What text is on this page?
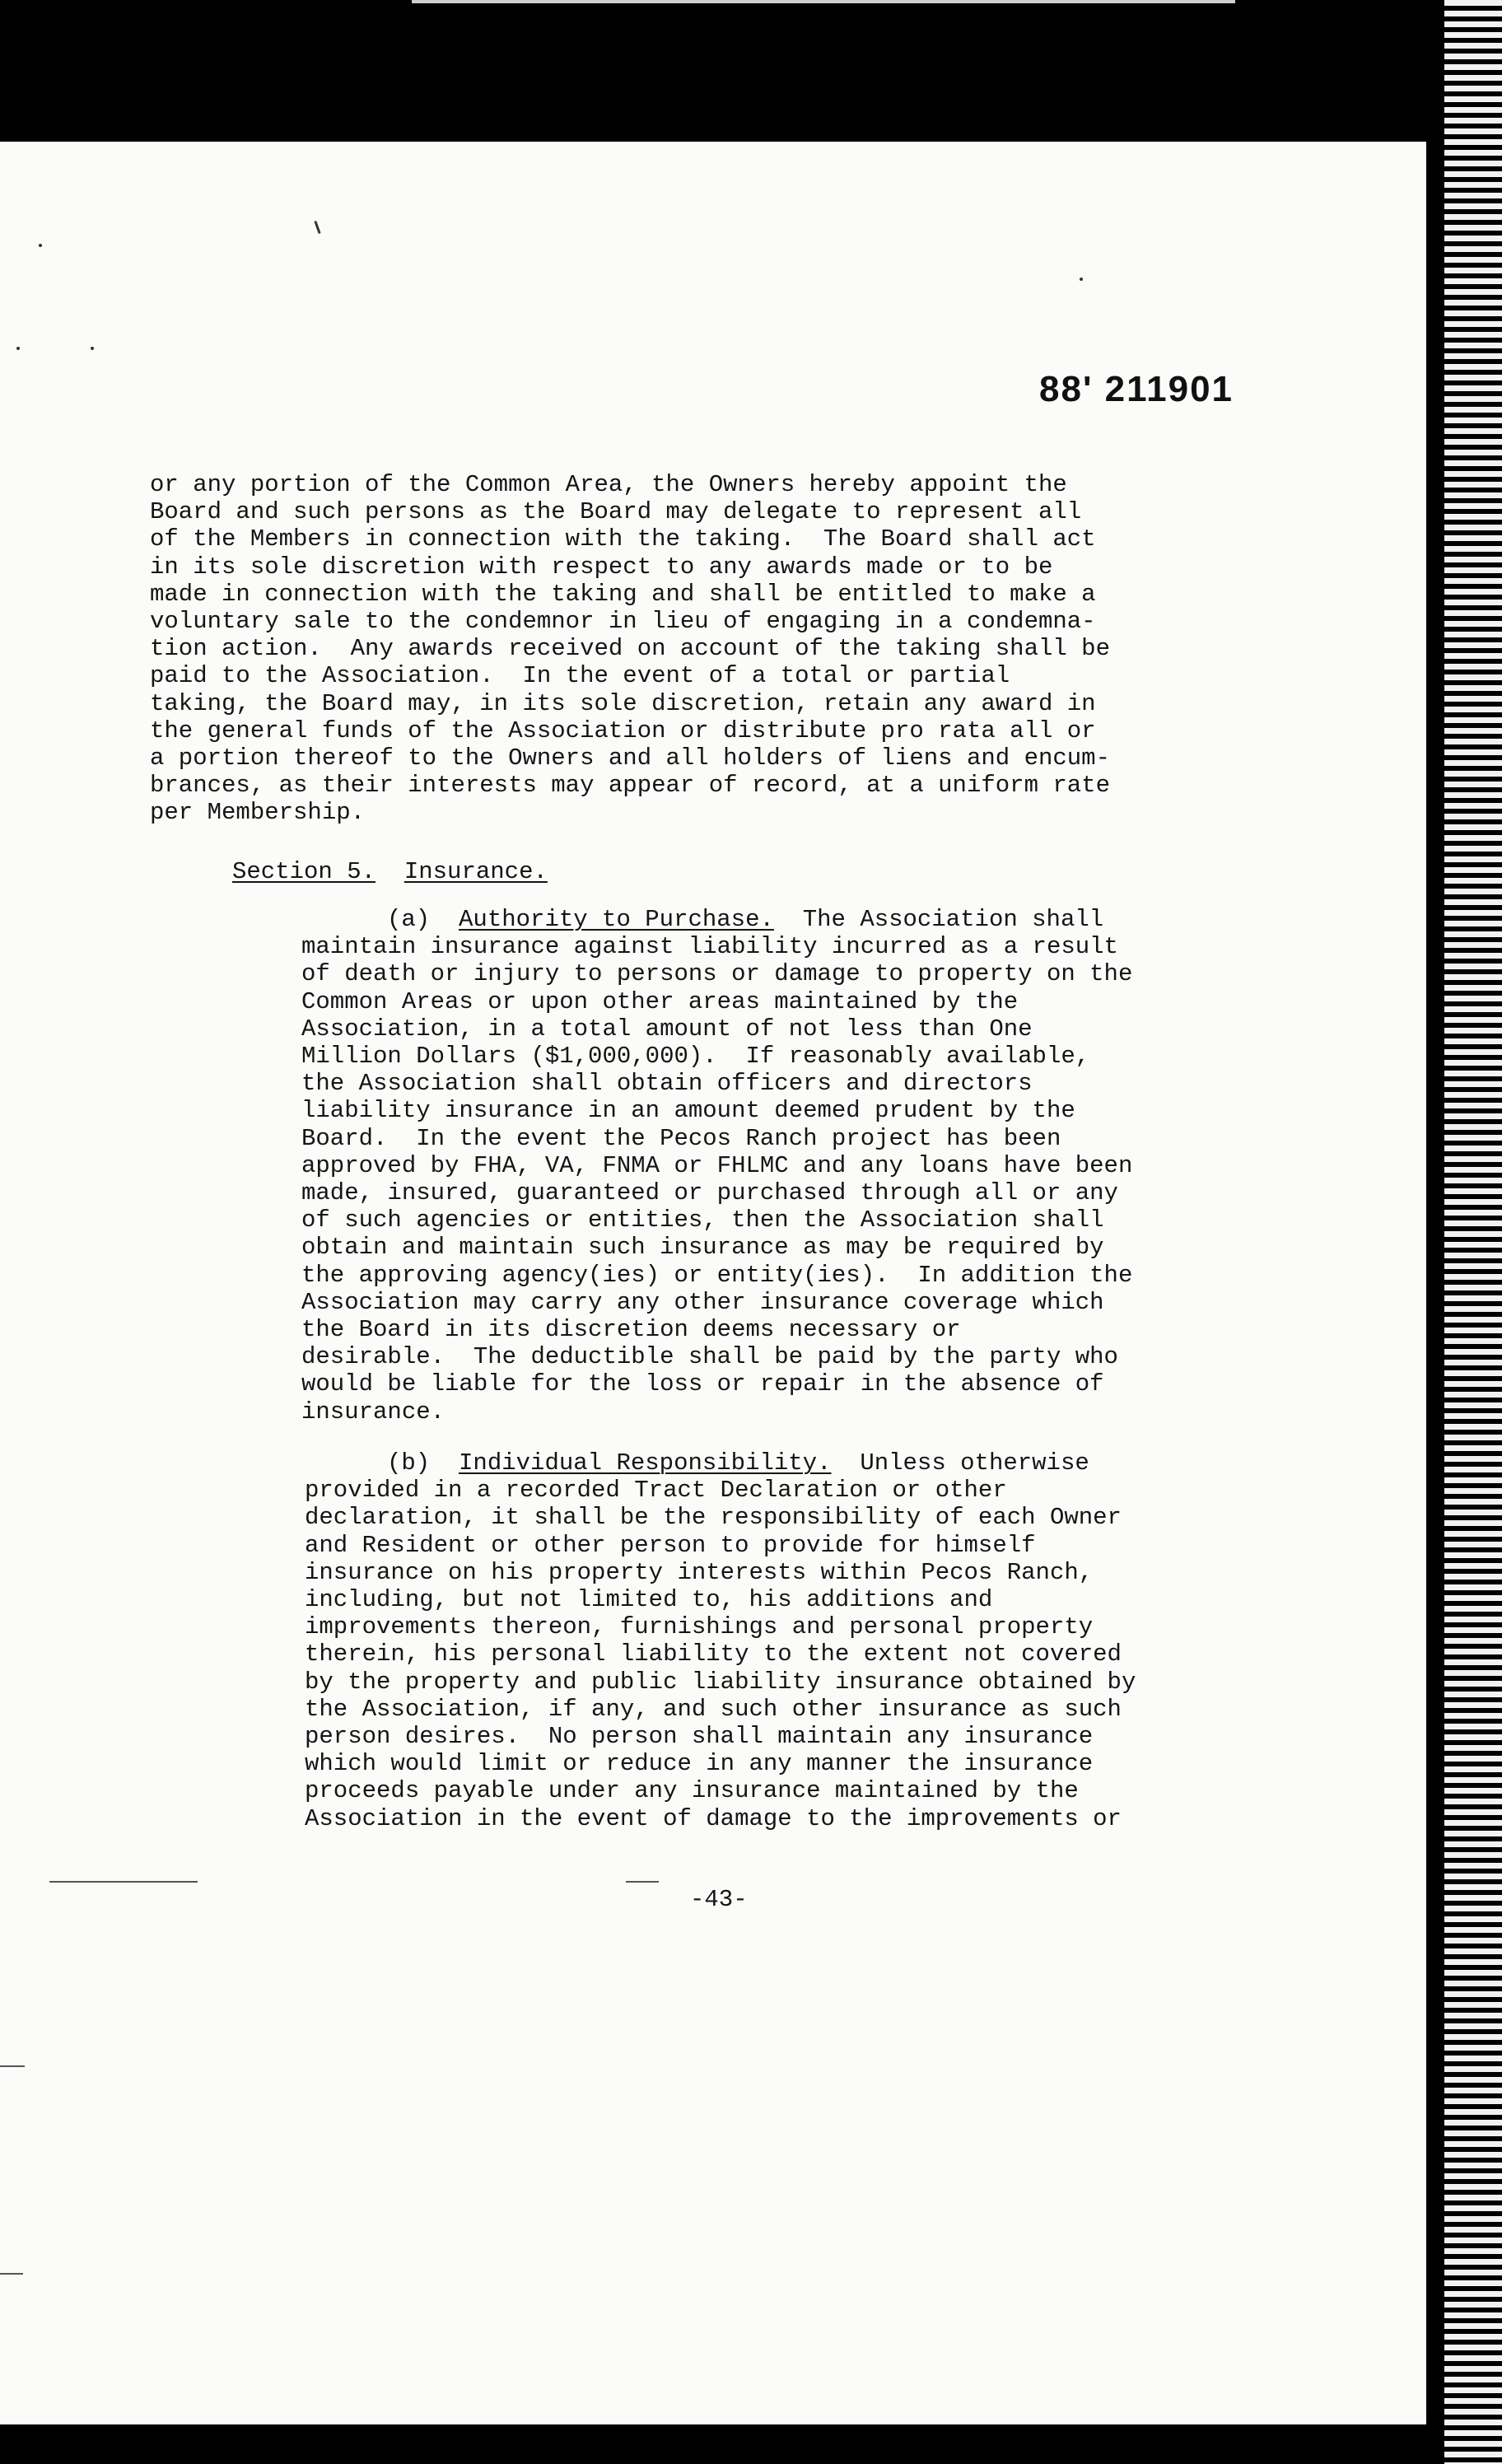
88' 211901
or any portion of the Common Area, the Owners hereby appoint the
Board and such persons as the Board may delegate to represent all
of the Members in connection with the taking.  The Board shall act
in its sole discretion with respect to any awards made or to be
made in connection with the taking and shall be entitled to make a
voluntary sale to the condemnor in lieu of engaging in a condemna-
tion action.  Any awards received on account of the taking shall be
paid to the Association.  In the event of a total or partial
taking, the Board may, in its sole discretion, retain any award in
the general funds of the Association or distribute pro rata all or
a portion thereof to the Owners and all holders of liens and encum-
brances, as their interests may appear of record, at a uniform rate
per Membership.
Section 5. Insurance.
(a) Authority to Purchase.  The Association shall
maintain insurance against liability incurred as a result
of death or injury to persons or damage to property on the
Common Areas or upon other areas maintained by the
Association, in a total amount of not less than One
Million Dollars ($1,000,000).  If reasonably available,
the Association shall obtain officers and directors
liability insurance in an amount deemed prudent by the
Board.  In the event the Pecos Ranch project has been
approved by FHA, VA, FNMA or FHLMC and any loans have been
made, insured, guaranteed or purchased through all or any
of such agencies or entities, then the Association shall
obtain and maintain such insurance as may be required by
the approving agency(ies) or entity(ies).  In addition the
Association may carry any other insurance coverage which
the Board in its discretion deems necessary or
desirable.  The deductible shall be paid by the party who
would be liable for the loss or repair in the absence of
insurance.
(b) Individual Responsibility.  Unless otherwise
provided in a recorded Tract Declaration or other
declaration, it shall be the responsibility of each Owner
and Resident or other person to provide for himself
insurance on his property interests within Pecos Ranch,
including, but not limited to, his additions and
improvements thereon, furnishings and personal property
therein, his personal liability to the extent not covered
by the property and public liability insurance obtained by
the Association, if any, and such other insurance as such
person desires.  No person shall maintain any insurance
which would limit or reduce in any manner the insurance
proceeds payable under any insurance maintained by the
Association in the event of damage to the improvements or
-43-
